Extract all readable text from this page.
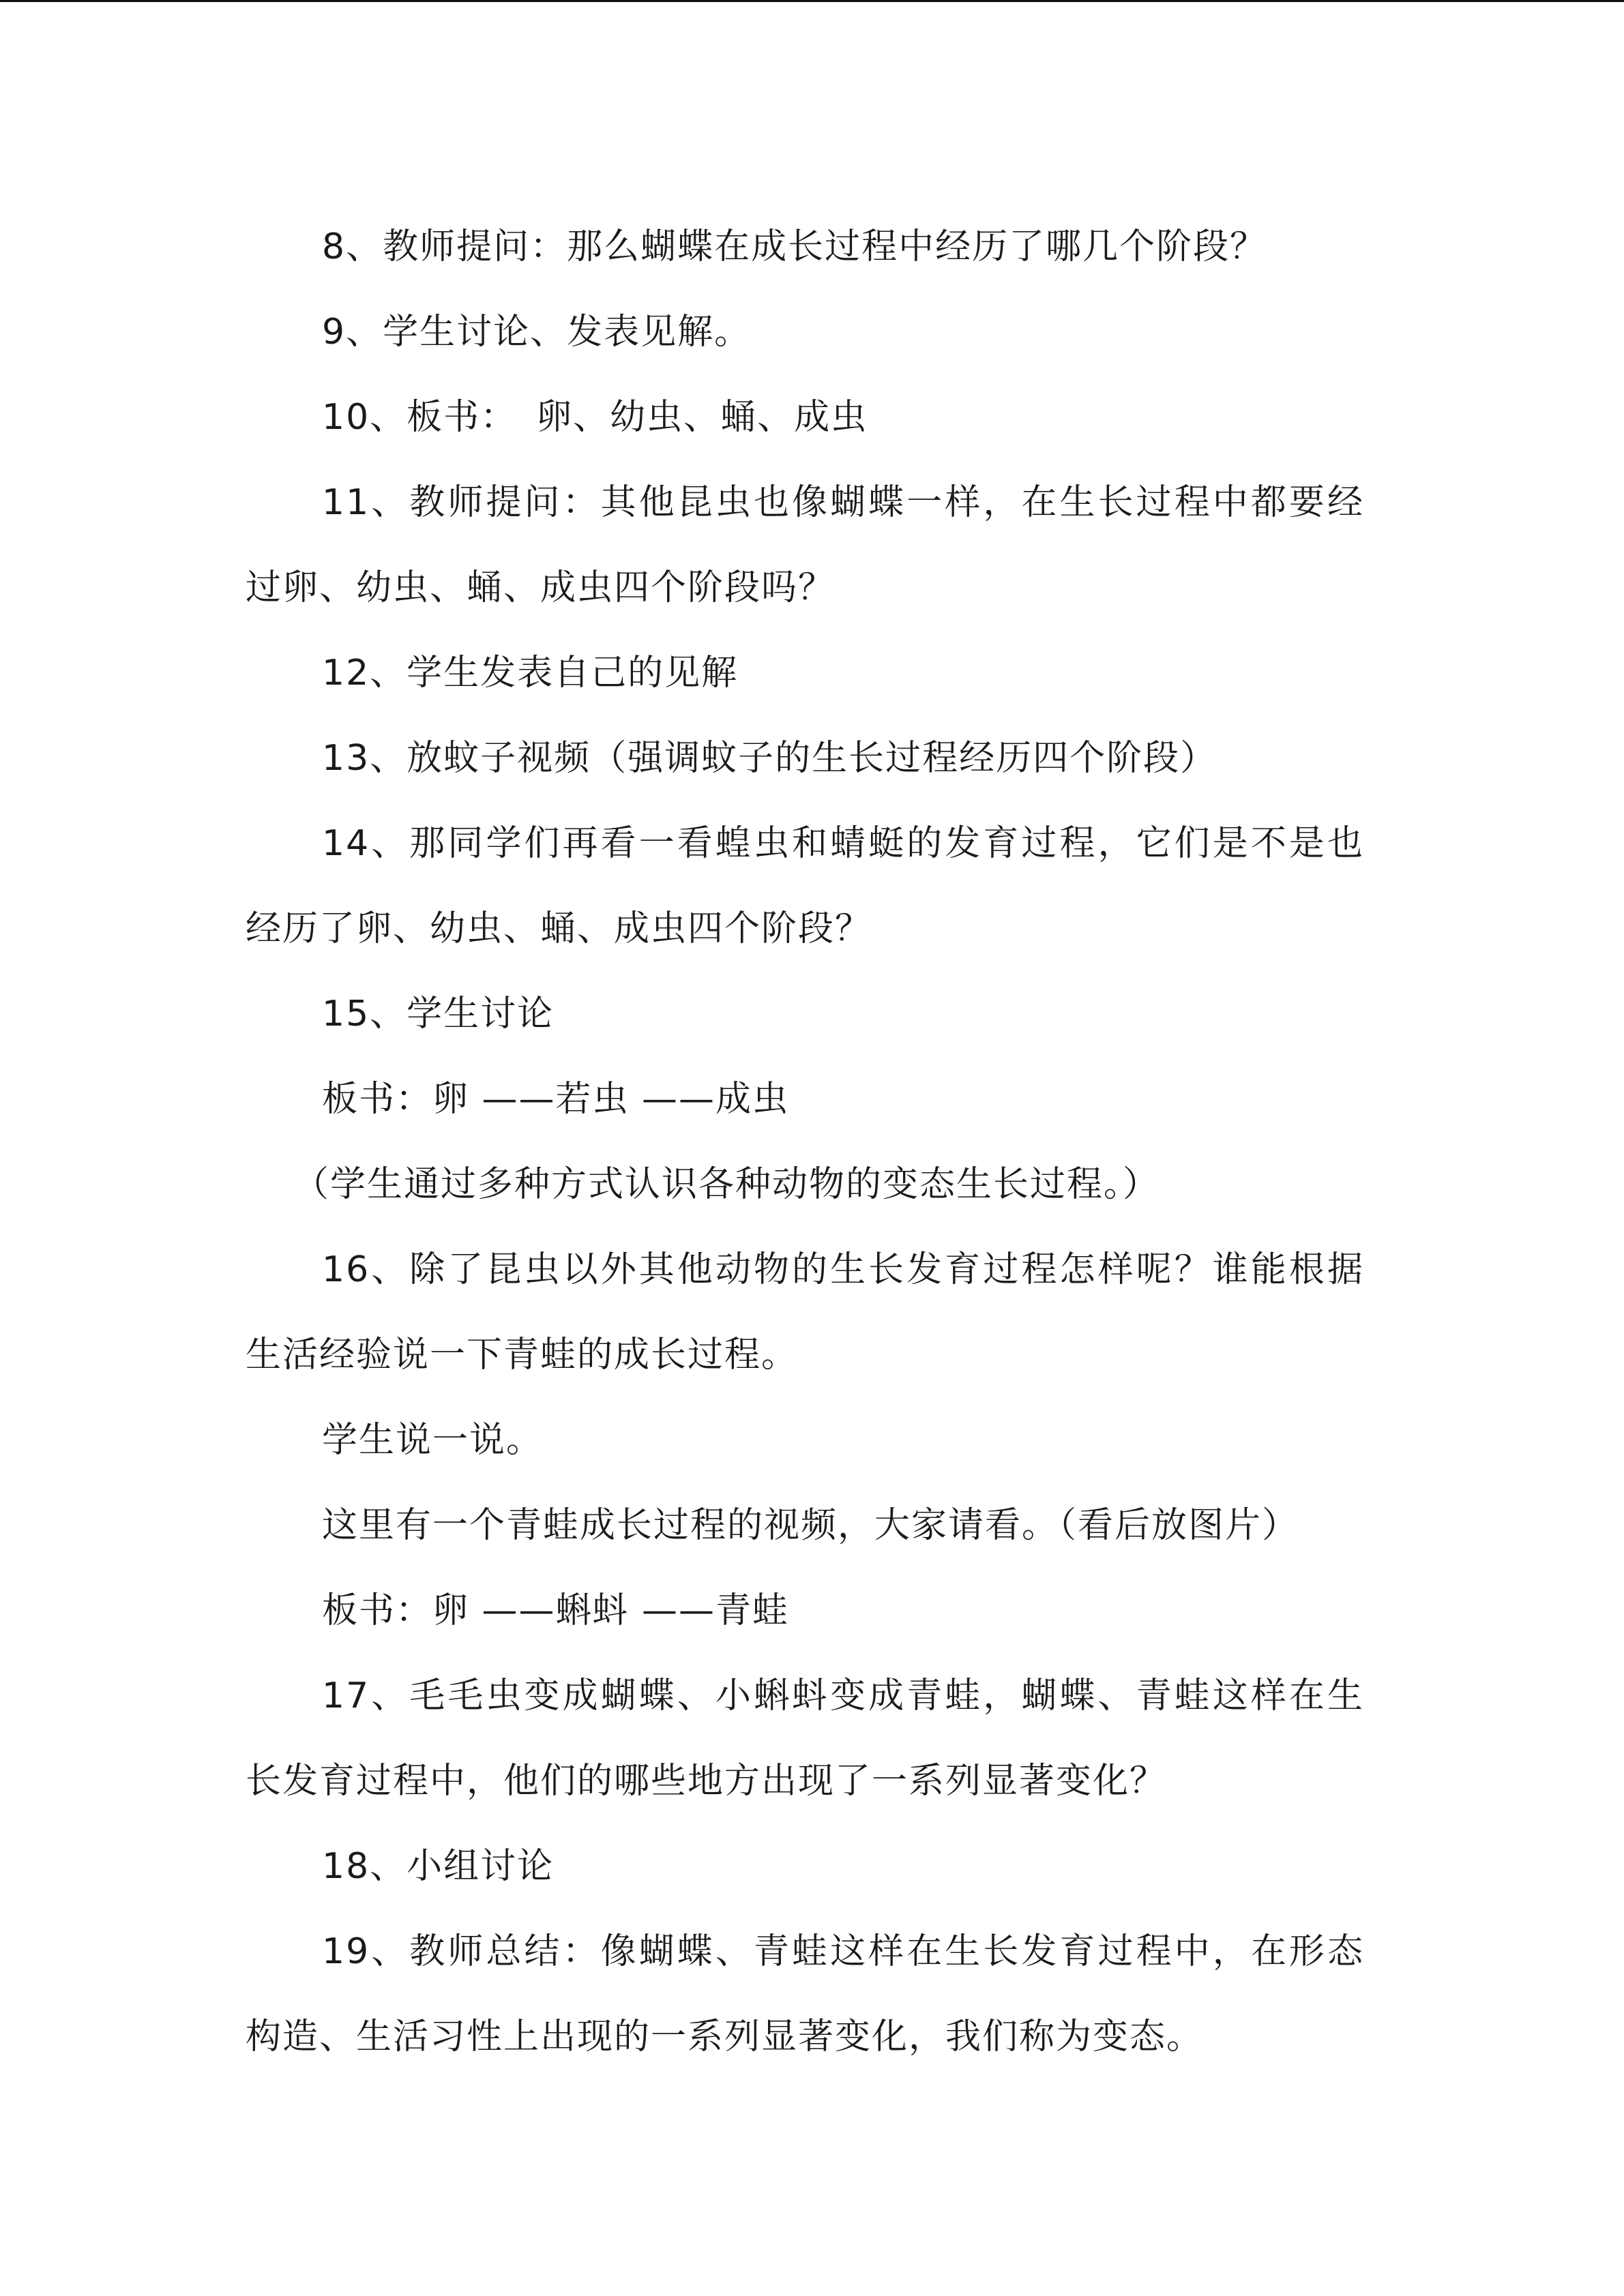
8、教师提问：那么蝴蝶在成长过程中经历了哪几个阶段？
9、学生讨论、发表见解。
10、板书：　卵、幼虫、蛹、成虫
11、教师提问：其他昆虫也像蝴蝶一样，在生长过程中都要经
过卵、幼虫、蛹、成虫四个阶段吗？
12、学生发表自己的见解
13、放蚊子视频（强调蚊子的生长过程经历四个阶段）
14、那同学们再看一看蝗虫和蜻蜓的发育过程，它们是不是也
经历了卵、幼虫、蛹、成虫四个阶段？
15、学生讨论
板书：卵 ——若虫 ——成虫
（学生通过多种方式认识各种动物的变态生长过程。）
16、除了昆虫以外其他动物的生长发育过程怎样呢？谁能根据
生活经验说一下青蛙的成长过程。
学生说一说。
这里有一个青蛙成长过程的视频，大家请看。（看后放图片）
板书：卵 ——蝌蚪 ——青蛙
17、毛毛虫变成蝴蝶、小蝌蚪变成青蛙，蝴蝶、青蛙这样在生
长发育过程中，他们的哪些地方出现了一系列显著变化？
18、小组讨论
19、教师总结：像蝴蝶、青蛙这样在生长发育过程中，在形态
构造、生活习性上出现的一系列显著变化，我们称为变态。
